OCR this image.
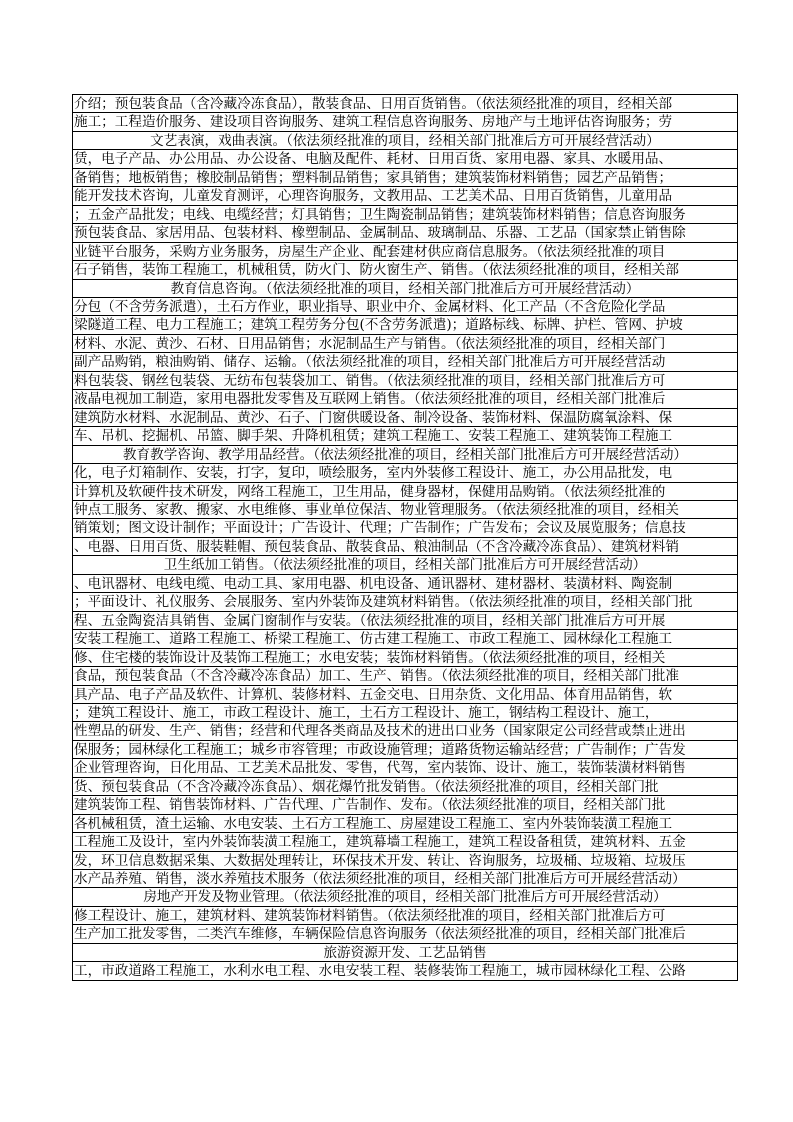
介绍；预包装食品（含冷藏冷冻食品），散装食品、日用百货销售。（依法须经批准的项目，经相关部
施工；工程造价服务、建设项目咨询服务、建筑工程信息咨询服务、房地产与土地评估咨询服务；劳
文艺表演，戏曲表演。（依法须经批准的项目，经相关部门批准后方可开展经营活动）
赁，电子产品、办公用品、办公设备、电脑及配件、耗材、日用百货、家用电器、家具、水暖用品、
备销售；地板销售；橡胶制品销售；塑料制品销售；家具销售；建筑装饰材料销售；园艺产品销售；
能开发技术咨询，儿童发育测评，心理咨询服务，文教用品、工艺美术品、日用百货销售，儿童用品
；五金产品批发；电线、电缆经营；灯具销售；卫生陶瓷制品销售；建筑装饰材料销售；信息咨询服务
预包装食品、家居用品、包装材料、橡塑制品、金属制品、玻璃制品、乐器、工艺品（国家禁止销售除
业链平台服务，采购方业务服务，房屋生产企业、配套建材供应商信息服务。（依法须经批准的项目
石子销售，装饰工程施工，机械租赁，防火门、防火窗生产、销售。（依法须经批准的项目，经相关部
教育信息咨询。（依法须经批准的项目，经相关部门批准后方可开展经营活动）
分包（不含劳务派遣），土石方作业，职业指导、职业中介、金属材料、化工产品（不含危险化学品
梁隧道工程、电力工程施工；建筑工程劳务分包(不含劳务派遣)；道路标线、标牌、护栏、管网、护坡
材料、水泥、黄沙、石材、日用品销售；水泥制品生产与销售。（依法须经批准的项目，经相关部门
副产品购销，粮油购销、储存、运输。（依法须经批准的项目，经相关部门批准后方可开展经营活动
料包装袋、钢丝包装袋、无纺布包装袋加工、销售。（依法须经批准的项目，经相关部门批准后方可
液晶电视加工制造，家用电器批发零售及互联网上销售。（依法须经批准的项目，经相关部门批准后
建筑防水材料、水泥制品、黄沙、石子、门窗供暖设备、制冷设备、装饰材料、保温防腐氧涂料、保
车、吊机、挖掘机、吊篮、脚手架、升降机租赁；建筑工程施工、安装工程施工、建筑装饰工程施工
教育教学咨询、教学用品经营。（依法须经批准的项目，经相关部门批准后方可开展经营活动）
化，电子灯箱制作、安装，打字，复印，喷绘服务，室内外装修工程设计、施工，办公用品批发，电
计算机及软硬件技术研发，网络工程施工，卫生用品，健身器材，保健用品购销。（依法须经批准的
钟点工服务、家教、搬家、水电维修、事业单位保洁、物业管理服务。（依法须经批准的项目，经相关
销策划；图文设计制作；平面设计；广告设计、代理；广告制作；广告发布；会议及展览服务；信息技
、电器、日用百货、服装鞋帽、预包装食品、散装食品、粮油制品（不含冷藏冷冻食品）、建筑材料销
卫生纸加工销售。（依法须经批准的项目，经相关部门批准后方可开展经营活动）
、电讯器材、电线电缆、电动工具、家用电器、机电设备、通讯器材、建材器材、装潢材料、陶瓷制
；平面设计、礼仪服务、会展服务、室内外装饰及建筑材料销售。（依法须经批准的项目，经相关部门批
程、五金陶瓷洁具销售、金属门窗制作与安装。（依法须经批准的项目，经相关部门批准后方可开展
安装工程施工、道路工程施工、桥梁工程施工、仿古建工程施工、市政工程施工、园林绿化工程施工
修、住宅楼的装饰设计及装饰工程施工；水电安装；装饰材料销售。（依法须经批准的项目，经相关
食品，预包装食品（不含冷藏冷冻食品）加工、生产、销售。（依法须经批准的项目，经相关部门批准
具产品、电子产品及软件、计算机、装修材料、五金交电、日用杂货、文化用品、体育用品销售，软
；建筑工程设计、施工，市政工程设计、施工，土石方工程设计、施工，钢结构工程设计、施工，
性塑品的研发、生产、销售；经营和代理各类商品及技术的进出口业务（国家限定公司经营或禁止进出
保服务；园林绿化工程施工；城乡市容管理；市政设施管理；道路货物运输站经营；广告制作；广告发
企业管理咨询，日化用品、工艺美术品批发、零售，代驾，室内装饰、设计、施工，装饰装潢材料销售
货、预包装食品（不含冷藏冷冻食品）、烟花爆竹批发销售。（依法须经批准的项目，经相关部门批
建筑装饰工程、销售装饰材料、广告代理、广告制作、发布。（依法须经批准的项目，经相关部门批
各机械租赁，渣土运输、水电安装、土石方工程施工、房屋建设工程施工、室内外装饰装潢工程施工
工程施工及设计，室内外装饰装潢工程施工，建筑幕墙工程施工，建筑工程设备租赁，建筑材料、五金
发，环卫信息数据采集、大数据处理转让，环保技术开发、转让、咨询服务，垃圾桶、垃圾箱、垃圾压
水产品养殖、销售，淡水养殖技术服务（依法须经批准的项目，经相关部门批准后方可开展经营活动）
房地产开发及物业管理。（依法须经批准的项目，经相关部门批准后方可开展经营活动）
修工程设计、施工，建筑材料、建筑装饰材料销售。（依法须经批准的项目，经相关部门批准后方可
生产加工批发零售，二类汽车维修，车辆保险信息咨询服务（依法须经批准的项目，经相关部门批准后
旅游资源开发、工艺品销售
工，市政道路工程施工，水利水电工程、水电安装工程、装修装饰工程施工，城市园林绿化工程、公路
